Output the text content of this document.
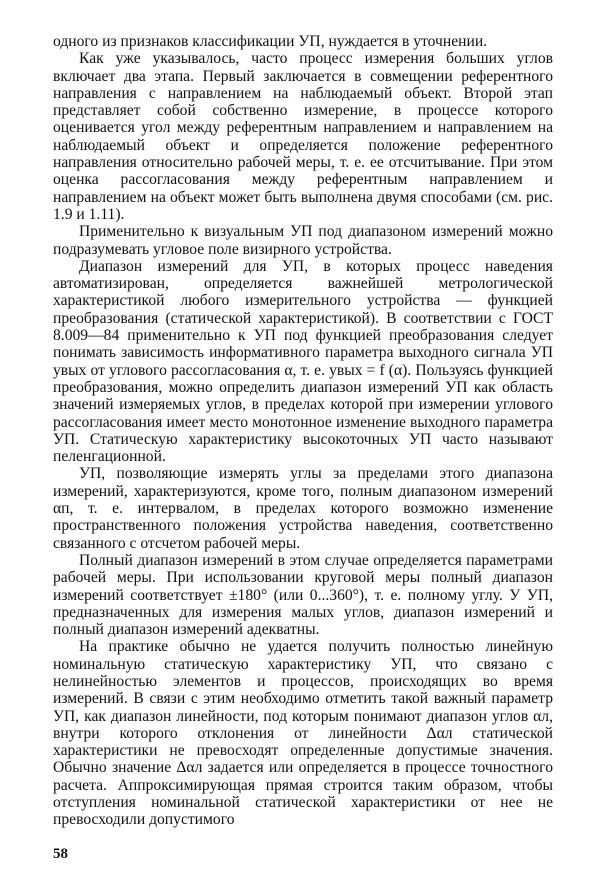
одного из признаков классификации УП, нуждается в уточнении.

Как уже указывалось, часто процесс измерения больших углов включает два этапа. Первый заключается в совмещении референтного направления с направлением на наблюдаемый объект. Второй этап представляет собой собственно измерение, в процессе которого оценивается угол между референтным направлением и направлением на наблюдаемый объект и определяется положение референтного направления относительно рабочей меры, т. е. ее отсчитывание. При этом оценка рассогласования между референтным направлением и направлением на объект может быть выполнена двумя способами (см. рис. 1.9 и 1.11).

Применительно к визуальным УП под диапазоном измерений можно подразумевать угловое поле визирного устройства.

Диапазон измерений для УП, в которых процесс наведения автоматизирован, определяется важнейшей метрологической характеристикой любого измерительного устройства — функцией преобразования (статической характеристикой). В соответствии с ГОСТ 8.009—84 применительно к УП под функцией преобразования следует понимать зависимость информативного параметра выходного сигнала УП yвых от углового рассогласования α, т. е. yвых = f (α). Пользуясь функцией преобразования, можно определить диапазон измерений УП как область значений измеряемых углов, в пределах которой при измерении углового рассогласования имеет место монотонное изменение выходного параметра УП. Статическую характеристику высокоточных УП часто называют пеленгационной.

УП, позволяющие измерять углы за пределами этого диапазона измерений, характеризуются, кроме того, полным диапазоном измерений αп, т. е. интервалом, в пределах которого возможно изменение пространственного положения устройства наведения, соответственно связанного с отсчетом рабочей меры.

Полный диапазон измерений в этом случае определяется параметрами рабочей меры. При использовании круговой меры полный диапазон измерений соответствует ±180° (или 0...360°), т. е. полному углу. У УП, предназначенных для измерения малых углов, диапазон измерений и полный диапазон измерений адекватны.

На практике обычно не удается получить полностью линейную номинальную статическую характеристику УП, что связано с нелинейностью элементов и процессов, происходящих во время измерений. В связи с этим необходимо отметить такой важный параметр УП, как диапазон линейности, под которым понимают диапазон углов αл, внутри которого отклонения от линейности Δαл статической характеристики не превосходят определенные допустимые значения. Обычно значение Δαл задается или определяется в процессе точностного расчета. Аппроксимирующая прямая строится таким образом, чтобы отступления номинальной статической характеристики от нее не превосходили допустимого

58
